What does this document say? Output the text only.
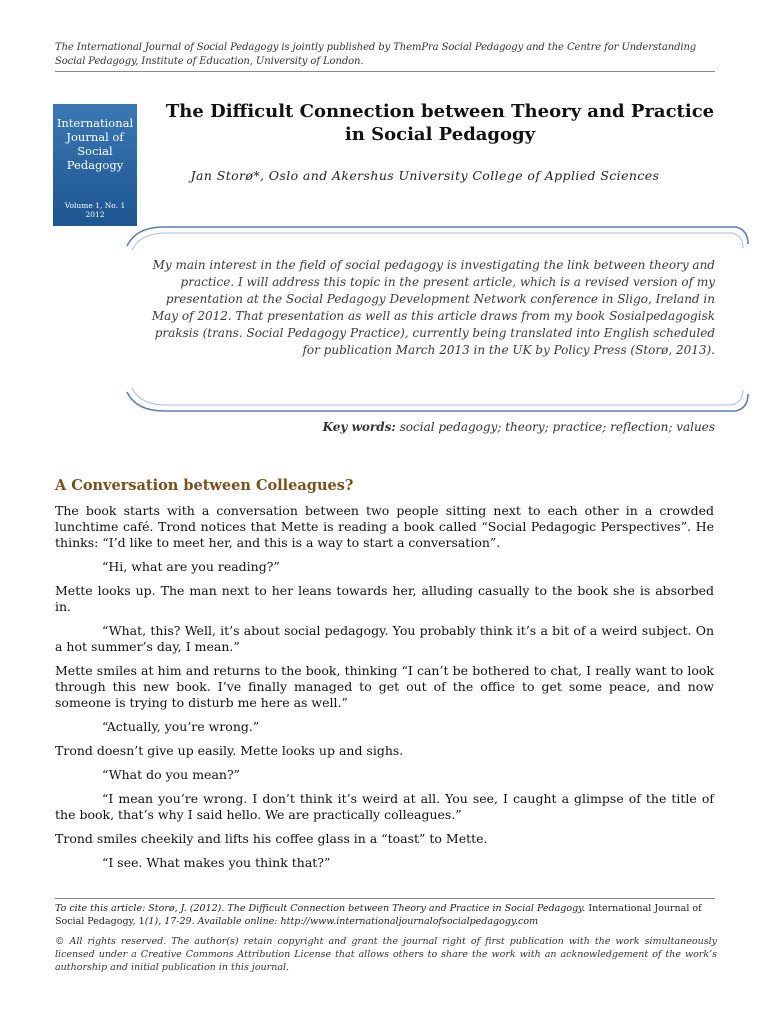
The International Journal of Social Pedagogy is jointly published by ThemPra Social Pedagogy and the Centre for Understanding Social Pedagogy, Institute of Education, University of London.
International
Journal of
Social
Pedagogy
Volume 1, No. 1
2012
The Difficult Connection between Theory and Practice
in Social Pedagogy
Jan Storø*, Oslo and Akershus University College of Applied Sciences
My main interest in the field of social pedagogy is investigating the link between theory and practice. I will address this topic in the present article, which is a revised version of my presentation at the Social Pedagogy Development Network conference in Sligo, Ireland in May of 2012. That presentation as well as this article draws from my book Sosialpedagogisk praksis (trans. Social Pedagogy Practice), currently being translated into English scheduled for publication March 2013 in the UK by Policy Press (Storø, 2013).
Key words: social pedagogy; theory; practice; reflection; values
A Conversation between Colleagues?

The book starts with a conversation between two people sitting next to each other in a crowded lunchtime café. Trond notices that Mette is reading a book called “Social Pedagogic Perspectives”. He thinks: “I’d like to meet her, and this is a way to start a conversation”.

“Hi, what are you reading?”

Mette looks up. The man next to her leans towards her, alluding casually to the book she is absorbed in.

“What, this? Well, it’s about social pedagogy. You probably think it’s a bit of a weird subject. On a hot summer’s day, I mean.”

Mette smiles at him and returns to the book, thinking “I can’t be bothered to chat, I really want to look through this new book. I’ve finally managed to get out of the office to get some peace, and now someone is trying to disturb me here as well.”

“Actually, you’re wrong.”

Trond doesn’t give up easily. Mette looks up and sighs.

“What do you mean?”

“I mean you’re wrong. I don’t think it’s weird at all. You see, I caught a glimpse of the title of the book, that’s why I said hello. We are practically colleagues.”

Trond smiles cheekily and lifts his coffee glass in a “toast” to Mette.

“I see. What makes you think that?”

To cite this article: Storø, J. (2012). The Difficult Connection between Theory and Practice in Social Pedagogy. International Journal of Social Pedagogy, 1(1), 17-29. Available online: http://www.internationaljournalofsocialpedagogy.com
© All rights reserved. The author(s) retain copyright and grant the journal right of first publication with the work simultaneously licensed under a Creative Commons Attribution License that allows others to share the work with an acknowledgement of the work’s authorship and initial publication in this journal.
